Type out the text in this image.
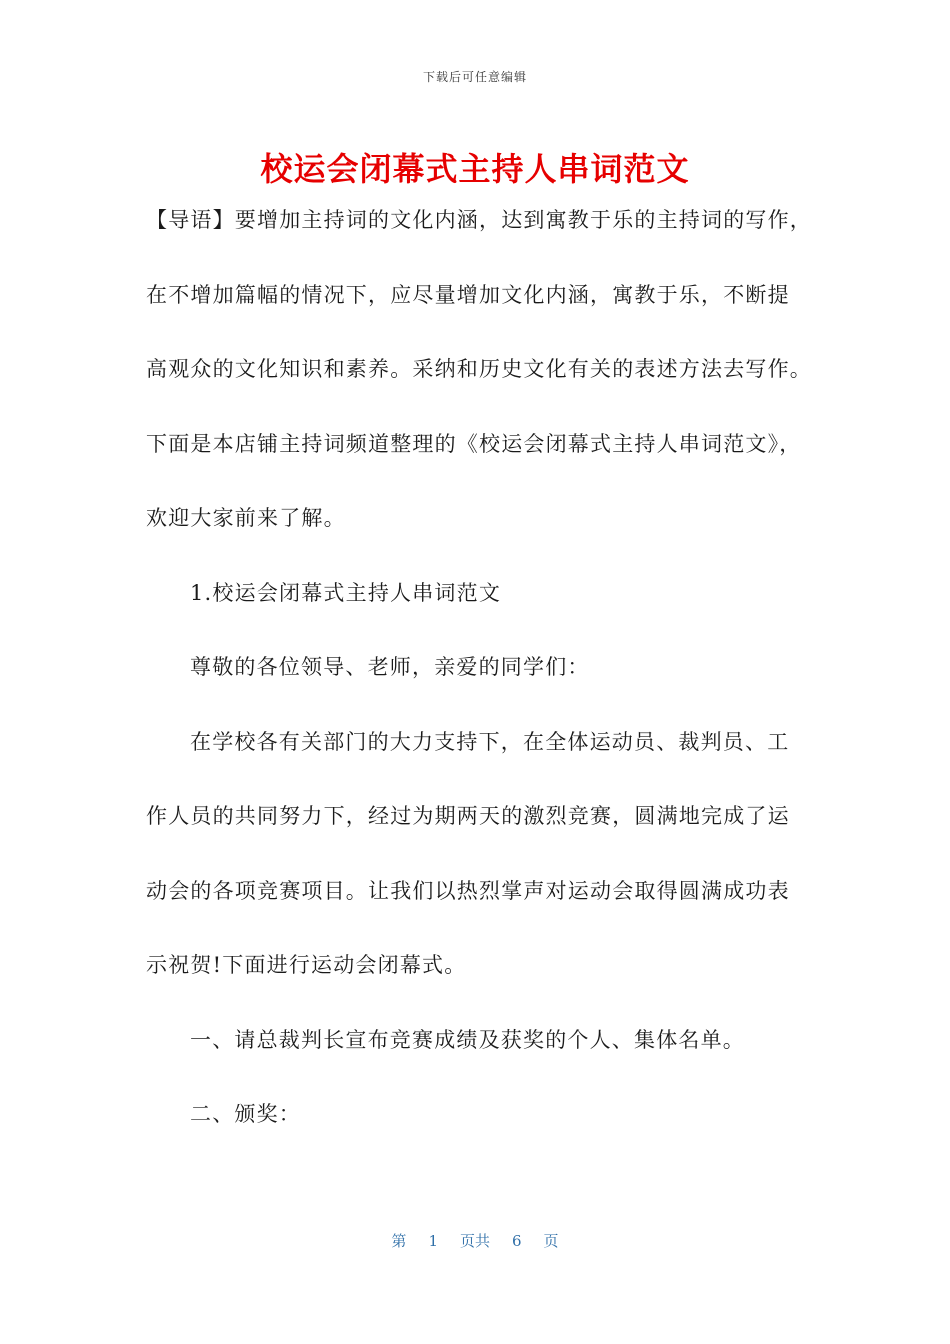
下载后可任意编辑
校运会闭幕式主持人串词范文
【导语】要增加主持词的文化内涵，达到寓教于乐的主持词的写作，
在不增加篇幅的情况下，应尽量增加文化内涵，寓教于乐，不断提
高观众的文化知识和素养。采纳和历史文化有关的表述方法去写作。
下面是本店铺主持词频道整理的《校运会闭幕式主持人串词范文》，
欢迎大家前来了解。
1.校运会闭幕式主持人串词范文
尊敬的各位领导、老师，亲爱的同学们：
在学校各有关部门的大力支持下，在全体运动员、裁判员、工
作人员的共同努力下，经过为期两天的激烈竞赛，圆满地完成了运
动会的各项竞赛项目。让我们以热烈掌声对运动会取得圆满成功表
示祝贺!下面进行运动会闭幕式。
一、请总裁判长宣布竞赛成绩及获奖的个人、集体名单。
二、颁奖：
第 1 页共 6 页
